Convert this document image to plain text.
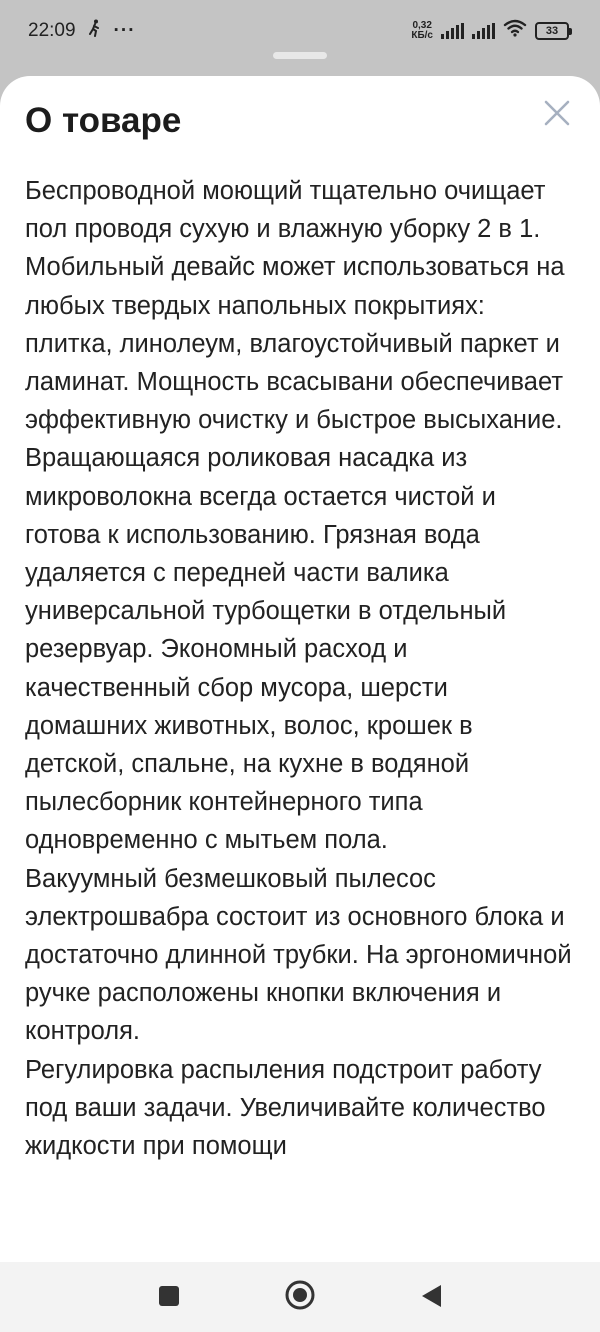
22:09 ···	0,32
КБ/c	33
О товаре
Беспроводной моющий тщательно очищает пол проводя сухую и влажную уборку 2 в 1. Мобильный девайс может использоваться на любых твердых напольных покрытиях: плитка, линолеум, влагоустойчивый паркет и ламинат. Мощность всасывани обеспечивает эффективную очистку и быстрое высыхание.
Вращающаяся роликовая насадка из микроволокна всегда остается чистой и готова к использованию. Грязная вода удаляется с передней части валика универсальной турбощетки в отдельный резервуар. Экономный расход и качественный сбор мусора, шерсти домашних животных, волос, крошек в детской, спальне, на кухне в водяной пылесборник контейнерного типа одновременно с мытьем пола.
Вакуумный безмешковый пылесос электрошвабра состоит из основного блока и достаточно длинной трубки. На эргономичной ручке расположены кнопки включения и контроля.
Регулировка распыления подстроит работу под ваши задачи. Увеличивайте количество жидкости при помощи
